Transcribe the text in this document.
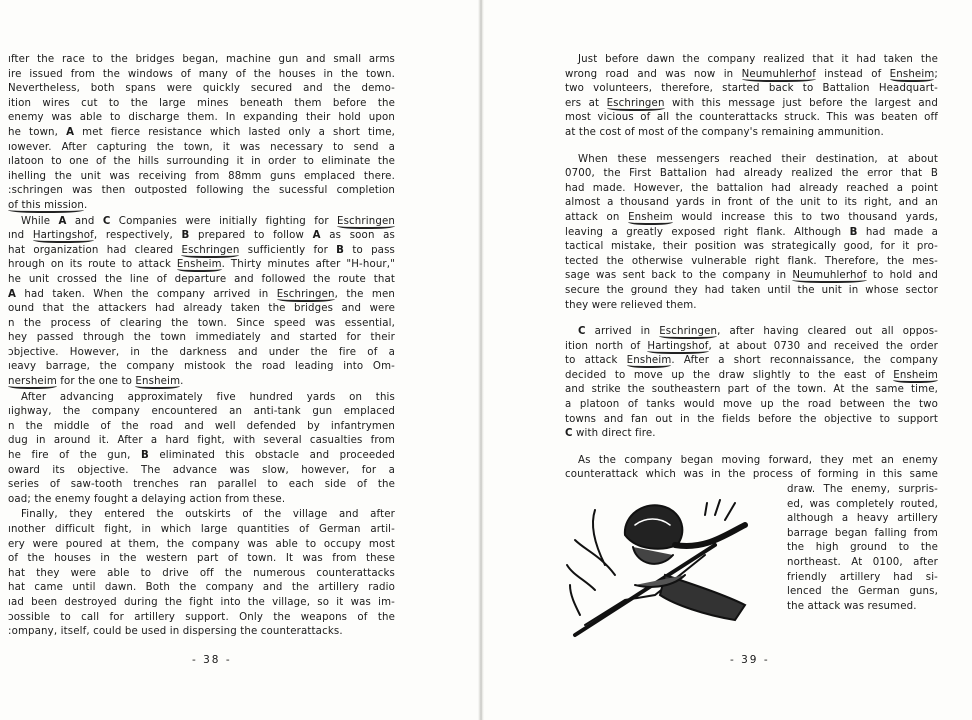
ıfter the race to the bridges began, machine gun and small arms
ire issued from the windows of many of the houses in the town.
Nevertheless, both spans were quickly secured and the demo-
ition wires cut to the large mines beneath them before the
enemy was able to discharge them. In expanding their hold upon
he town, A met fierce resistance which lasted only a short time,
ıowever. After capturing the town, it was necessary to send a
ılatoon to one of the hills surrounding it in order to eliminate the
ihelling the unit was receiving from 88mm guns emplaced there.
:schringen was then outposted following the sucessful completion
of this mission.
While A and C Companies were initially fighting for Eschringen
ınd Hartingshof, respectively, B prepared to follow A as soon as
hat organization had cleared Eschringen sufficiently for B to pass
hrough on its route to attack Ensheim. Thirty minutes after "H-hour,"
he unit crossed the line of departure and followed the route that
A had taken. When the company arrived in Eschringen, the men
ound that the attackers had already taken the bridges and were
n the process of clearing the town. Since speed was essential,
hey passed through the town immediately and started for their
ɔbjective. However, in the darkness and under the fire of a
ıeavy barrage, the company mistook the road leading into Om-
nersheim for the one to Ensheim.
After advancing approximately five hundred yards on this
ıighway, the company encountered an anti-tank gun emplaced
n the middle of the road and well defended by infantrymen
dug in around it. After a hard fight, with several casualties from
he fire of the gun, B eliminated this obstacle and proceeded
oward its objective. The advance was slow, however, for a
series of saw-tooth trenches ran parallel to each side of the
oad; the enemy fought a delaying action from these.
Finally, they entered the outskirts of the village and after
ınother difficult fight, in which large quantities of German artil-
ery were poured at them, the company was able to occupy most
of the houses in the western part of town. It was from these
hat they were able to drive off the numerous counterattacks
hat came until dawn. Both the company and the artillery radio
ıad been destroyed during the fight into the village, so it was im-
ɔossible to call for artillery support. Only the weapons of the
:ompany, itself, could be used in dispersing the counterattacks.
Just before dawn the company realized that it had taken the
wrong road and was now in Neumuhlerhof instead of Ensheim;
two volunteers, therefore, started back to Battalion Headquart-
ers at Eschringen with this message just before the largest and
most vicious of all the counterattacks struck. This was beaten off
at the cost of most of the company's remaining ammunition.
When these messengers reached their destination, at about
0700, the First Battalion had already realized the error that B
had made. However, the battalion had already reached a point
almost a thousand yards in front of the unit to its right, and an
attack on Ensheim would increase this to two thousand yards,
leaving a greatly exposed right flank. Although B had made a
tactical mistake, their position was strategically good, for it pro-
tected the otherwise vulnerable right flank. Therefore, the mes-
sage was sent back to the company in Neumuhlerhof to hold and
secure the ground they had taken until the unit in whose sector
they were relieved them.
C arrived in Eschringen, after having cleared out all oppos-
ition north of Hartingshof, at about 0730 and received the order
to attack Ensheim. After a short reconnaissance, the company
decided to move up the draw slightly to the east of Ensheim
and strike the southeastern part of the town. At the same time,
a platoon of tanks would move up the road between the two
towns and fan out in the fields before the objective to support
C with direct fire.
As the company began moving forward, they met an enemy
counterattack which was in the process of forming in this same
draw. The enemy, surpris-
ed, was completely routed,
although a heavy artillery
barrage began falling from
the high ground to the
northeast. At 0100, after
friendly artillery had si-
lenced the German guns,
the attack was resumed.
- 38 -	- 39 -
